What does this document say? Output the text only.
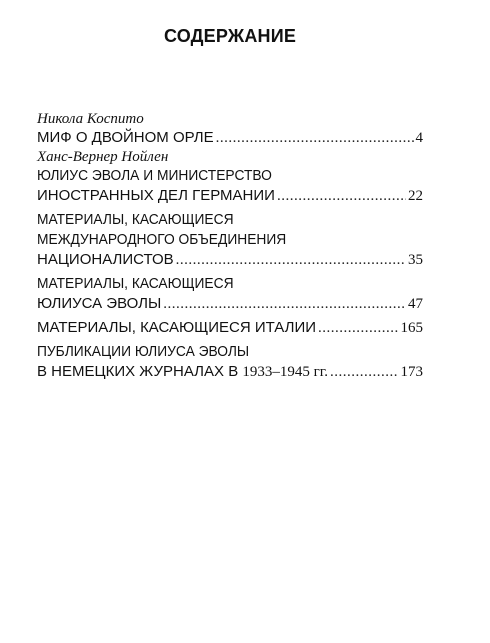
СОДЕРЖАНИЕ
Никола Коспито
МИФ О ДВОЙНОМ ОРЛЕ .....	4
Ханс-Вернер Нойлен
ЮЛИУС ЭВОЛА И МИНИСТЕРСТВО
ИНОСТРАННЫХ ДЕЛ ГЕРМАНИИ .....	22
МАТЕРИАЛЫ, КАСАЮЩИЕСЯ
МЕЖДУНАРОДНОГО ОБЪЕДИНЕНИЯ
НАЦИОНАЛИСТОВ .....	35
МАТЕРИАЛЫ, КАСАЮЩИЕСЯ
ЮЛИУСА ЭВОЛЫ .....	47
МАТЕРИАЛЫ, КАСАЮЩИЕСЯ ИТАЛИИ .....	165
ПУБЛИКАЦИИ ЮЛИУСА ЭВОЛЫ
В НЕМЕЦКИХ ЖУРНАЛАХ В 1933–1945 гг. .....	173
